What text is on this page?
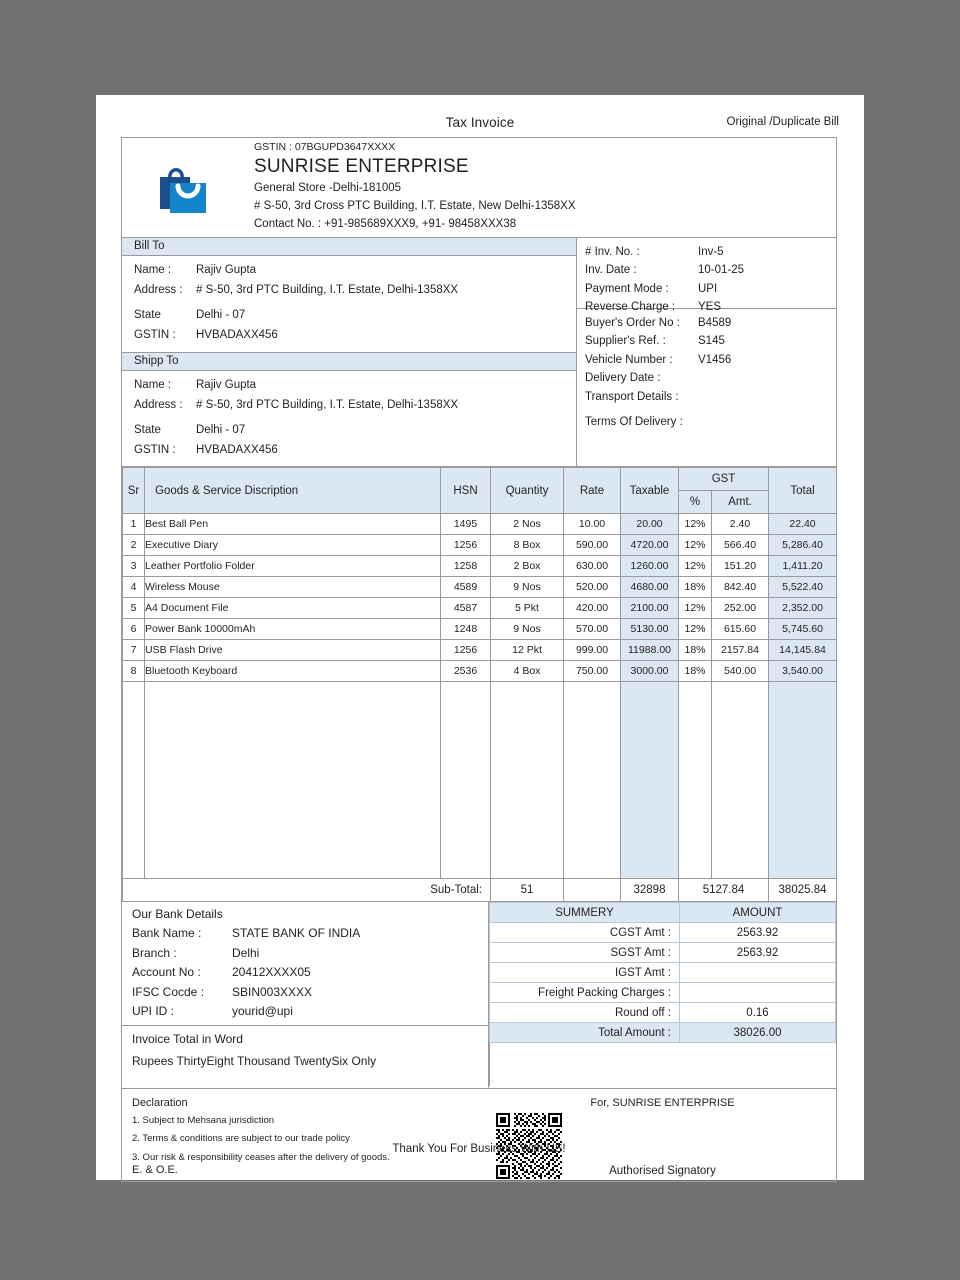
Tax Invoice	Original /Duplicate Bill
GSTIN : 07BGUPD3647XXXX
SUNRISE ENTERPRISE
General Store -Delhi-181005
# S-50, 3rd Cross PTC Building, I.T. Estate, New Delhi-1358XX
Contact No. : +91-985689XXX9, +91- 98458XXX38
Bill To
Name :	Rajiv Gupta
Address :	# S-50, 3rd PTC Building, I.T. Estate, Delhi-1358XX
State	Delhi - 07
GSTIN :	HVBADAXX456
Shipp To
Name :	Rajiv Gupta
Address :	# S-50, 3rd PTC Building, I.T. Estate, Delhi-1358XX
State	Delhi - 07
GSTIN :	HVBADAXX456
# Inv. No. :	Inv-5
Inv. Date :	10-01-25
Payment Mode :	UPI
Reverse Charge :	YES
Buyer's Order No :	B4589
Supplier's Ref. :	S145
Vehicle Number :	V1456
Delivery Date :
Transport Details :
Terms Of Delivery :
Sr	Goods & Service Discription	HSN	Quantity	Rate	Taxable	GST		Total
						%	Amt.	
1	Best Ball Pen	1495	2 Nos	10.00	20.00	12%	2.40	22.40
2	Executive Diary	1256	8 Box	590.00	4720.00	12%	566.40	5,286.40
3	Leather Portfolio Folder	1258	2 Box	630.00	1260.00	12%	151.20	1,411.20
4	Wireless Mouse	4589	9 Nos	520.00	4680.00	18%	842.40	5,522.40
5	A4 Document File	4587	5 Pkt	420.00	2100.00	12%	252.00	2,352.00
6	Power Bank 10000mAh	1248	9 Nos	570.00	5130.00	12%	615.60	5,745.60
7	USB Flash Drive	1256	12 Pkt	999.00	11988.00	18%	2157.84	14,145.84
8	Bluetooth Keyboard	2536	4 Box	750.00	3000.00	18%	540.00	3,540.00

Sub-Total:			51		32898	5127.84		38025.84
Our Bank Details
Bank Name :	STATE BANK OF INDIA
Branch :	Delhi
Account No :	20412XXXX05
IFSC Cocde :	SBIN003XXXX
UPI ID :	yourid@upi
Invoice Total in Word
Rupees ThirtyEight Thousand TwentySix Only
SUMMERY	AMOUNT
CGST Amt :	2563.92
SGST Amt :	2563.92
IGST Amt :	
Freight Packing Charges :	
Round off :	0.16
Total Amount :	38026.00
Declaration
1. Subject to Mehsana jurisdiction
2. Terms & conditions are subject to our trade policy
3. Our risk & responsibility ceases after the delivery of goods.
E. & O.E.
For, SUNRISE ENTERPRISE
Authorised Signatory
Thank You For Business With US!
